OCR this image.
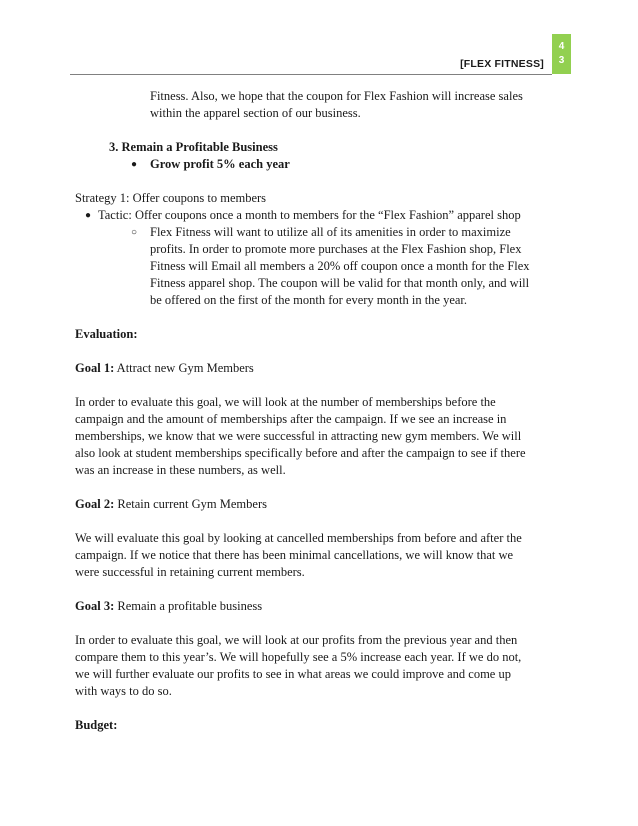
[FLEX FITNESS]
4
3

Fitness. Also, we hope that the coupon for Flex Fashion will increase sales

within the apparel section of our business.

3. Remain a Profitable Business

● Grow profit 5% each year

Strategy 1: Offer coupons to members

● Tactic: Offer coupons once a month to members for the “Flex Fashion” apparel shop

○ Flex Fitness will want to utilize all of its amenities in order to maximize

profits. In order to promote more purchases at the Flex Fashion shop, Flex

Fitness will Email all members a 20% off coupon once a month for the Flex

Fitness apparel shop. The coupon will be valid for that month only, and will

be offered on the first of the month for every month in the year.

Evaluation:

Goal 1: Attract new Gym Members

In order to evaluate this goal, we will look at the number of memberships before the

campaign and the amount of memberships after the campaign. If we see an increase in

memberships, we know that we were successful in attracting new gym members. We will

also look at student memberships specifically before and after the campaign to see if there

was an increase in these numbers, as well.

Goal 2: Retain current Gym Members

We will evaluate this goal by looking at cancelled memberships from before and after the

campaign. If we notice that there has been minimal cancellations, we will know that we

were successful in retaining current members.

Goal 3: Remain a profitable business

In order to evaluate this goal, we will look at our profits from the previous year and then

compare them to this year’s. We will hopefully see a 5% increase each year. If we do not,

we will further evaluate our profits to see in what areas we could improve and come up

with ways to do so.

Budget:
